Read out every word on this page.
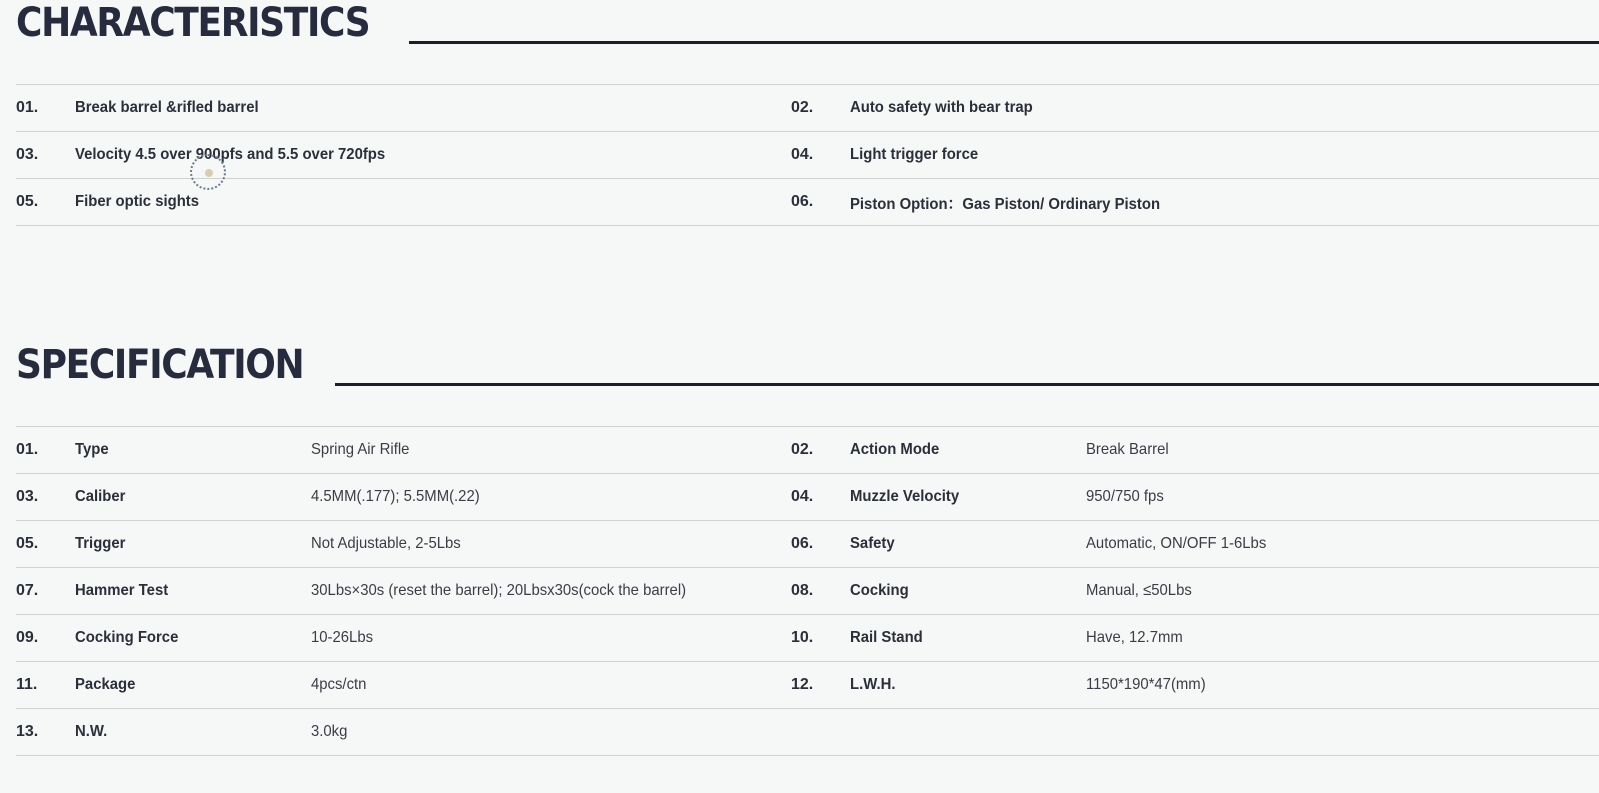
CHARACTERISTICS
01.	Break barrel &rifled barrel	02.	Auto safety with bear trap
03.	Velocity 4.5 over 900pfs and 5.5 over 720fps	04.	Light trigger force
05.	Fiber optic sights	06.	Piston Option：Gas Piston/ Ordinary Piston
SPECIFICATION
01.	Type	Spring Air Rifle	02.	Action Mode	Break Barrel
03.	Caliber	4.5MM(.177); 5.5MM(.22)	04.	Muzzle Velocity	950/750 fps
05.	Trigger	Not Adjustable, 2-5Lbs	06.	Safety	Automatic, ON/OFF 1-6Lbs
07.	Hammer Test	30Lbs×30s (reset the barrel); 20Lbsx30s(cock the barrel)	08.	Cocking	Manual, ≤50Lbs
09.	Cocking Force	10-26Lbs	10.	Rail Stand	Have, 12.7mm
11.	Package	4pcs/ctn	12.	L.W.H.	1150*190*47(mm)
13.	N.W.	3.0kg
